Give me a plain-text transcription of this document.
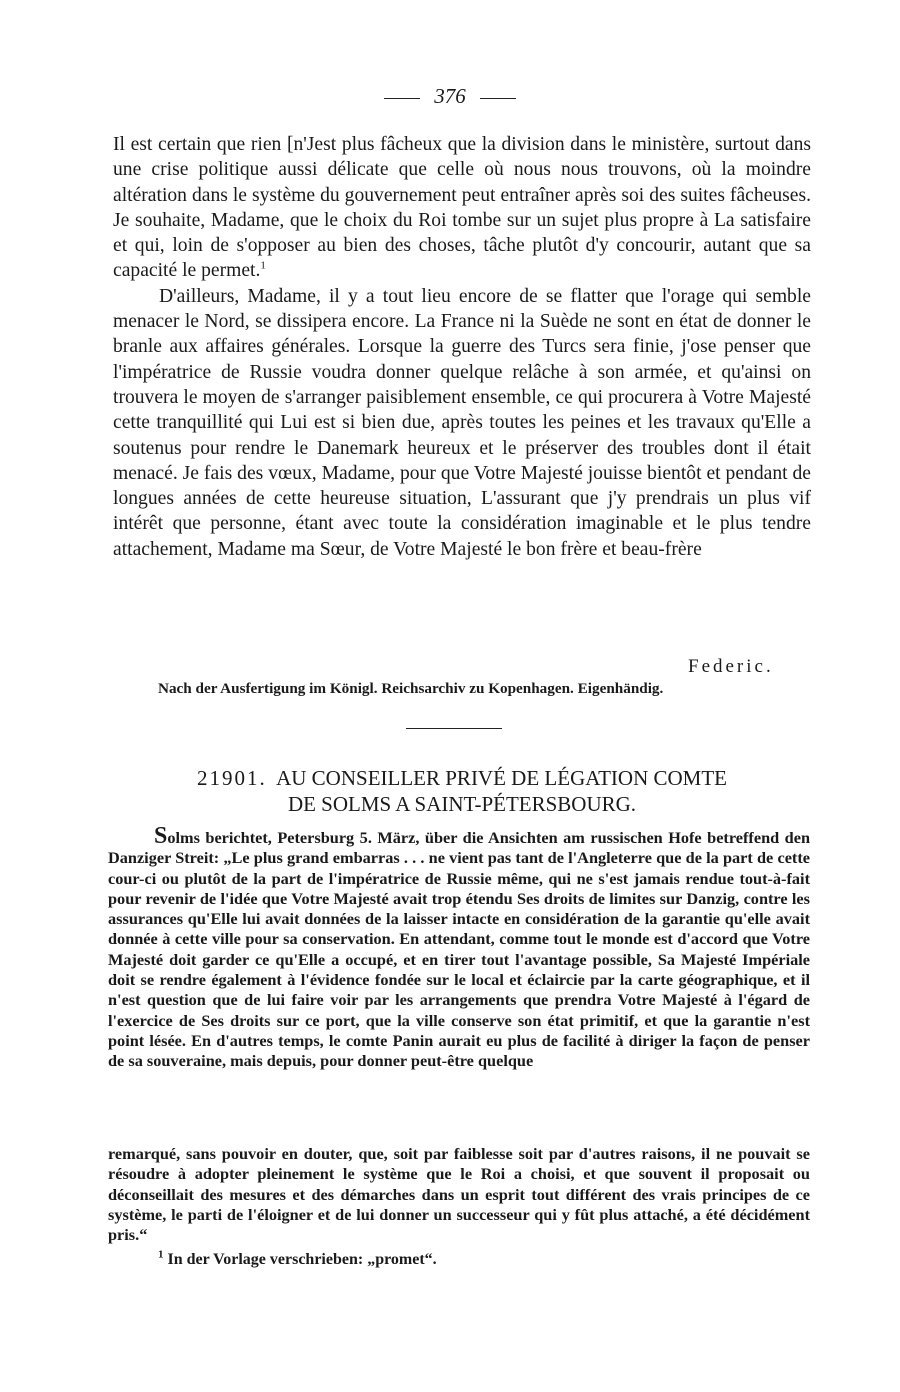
376

Il est certain que rien [n'Jest plus fâcheux que la division dans le ministère, surtout dans une crise politique aussi délicate que celle où nous nous trouvons, où la moindre altération dans le système du gouvernement peut entraîner après soi des suites fâcheuses. Je souhaite, Madame, que le choix du Roi tombe sur un sujet plus propre à La satisfaire et qui, loin de s'opposer au bien des choses, tâche plutôt d'y concourir, autant que sa capacité le permet.$^1$

D'ailleurs, Madame, il y a tout lieu encore de se flatter que l'orage qui semble menacer le Nord, se dissipera encore. La France ni la Suède ne sont en état de donner le branle aux affaires générales. Lorsque la guerre des Turcs sera finie, j'ose penser que l'impératrice de Russie voudra donner quelque relâche à son armée, et qu'ainsi on trouvera le moyen de s'arranger paisiblement ensemble, ce qui procurera à Votre Majesté cette tranquillité qui Lui est si bien due, après toutes les peines et les travaux qu'Elle a soutenus pour rendre le Danemark heureux et le préserver des troubles dont il était menacé. Je fais des vœux, Madame, pour que Votre Majesté jouisse bientôt et pendant de longues années de cette heureuse situation, L'assurant que j'y prendrais un plus vif intérêt que personne, étant avec toute la considération imaginable et le plus tendre attachement, Madame ma Sœur, de Votre Majesté le bon frère et beau-frère

Federic.
Nach der Ausfertigung im Königl. Reichsarchiv zu Kopenhagen. Eigenhändig.
21901. AU CONSEILLER PRIVÉ DE LÉGATION COMTE
DE SOLMS A SAINT-PÉTERSBOURG.

Solms berichtet, Petersburg 5. März, über die Ansichten am russischen Hofe betreffend den Danziger Streit: „Le plus grand embarras . . . ne vient pas tant de l'Angleterre que de la part de cette cour-ci ou plutôt de la part de l'impératrice de Russie même, qui ne s'est jamais rendue tout-à-fait pour revenir de l'idée que Votre Majesté avait trop étendu Ses droits de limites sur Danzig, contre les assurances qu'Elle lui avait données de la laisser intacte en considération de la garantie qu'elle avait donnée à cette ville pour sa conservation. En attendant, comme tout le monde est d'accord que Votre Majesté doit garder ce qu'Elle a occupé, et en tirer tout l'avantage possible, Sa Majesté Impériale doit se rendre également à l'évidence fondée sur le local et éclaircie par la carte géographique, et il n'est question que de lui faire voir par les arrangements que prendra Votre Majesté à l'égard de l'exercice de Ses droits sur ce port, que la ville conserve son état primitif, et que la garantie n'est point lésée. En d'autres temps, le comte Panin aurait eu plus de facilité à diriger la façon de penser de sa souveraine, mais depuis, pour donner peut-être quelque

remarqué, sans pouvoir en douter, que, soit par faiblesse soit par d'autres raisons, il ne pouvait se résoudre à adopter pleinement le système que le Roi a choisi, et que souvent il proposait ou déconseillait des mesures et des démarches dans un esprit tout différent des vrais principes de ce système, le parti de l'éloigner et de lui donner un successeur qui y fût plus attaché, a été décidément pris.“

$^1$ In der Vorlage verschrieben: „promet“.
